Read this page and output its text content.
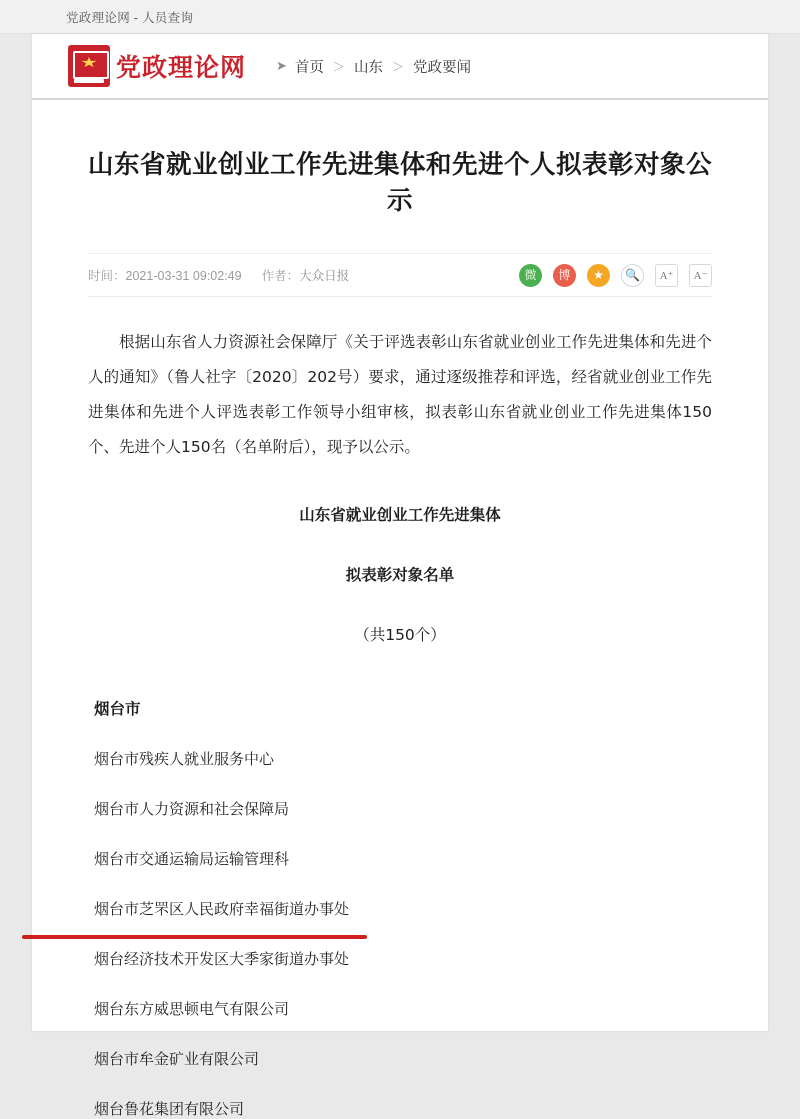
党政理论网 - 人员查询
党政理论网 ➤ 首页 ＞ 山东 ＞ 党政要闻
山东省就业创业工作先进集体和先进个人拟表彰对象公示
时间：2021-03-31 09:02:49 作者：大众日报	微	博	★	🔍	A⁺	A⁻

根据山东省人力资源社会保障厅《关于评选表彰山东省就业创业工作先进集体和先进个人的通知》（鲁人社字〔2020〕202号）要求，通过逐级推荐和评选，经省就业创业工作先进集体和先进个人评选表彰工作领导小组审核，拟表彰山东省就业创业工作先进集体150个、先进个人150名（名单附后），现予以公示。

山东省就业创业工作先进集体
拟表彰对象名单
（共150个）
烟台市
烟台市残疾人就业服务中心
烟台市人力资源和社会保障局
烟台市交通运输局运输管理科
烟台市芝罘区人民政府幸福街道办事处
烟台经济技术开发区大季家街道办事处
烟台东方威思顿电气有限公司
烟台市牟金矿业有限公司
烟台鲁花集团有限公司
